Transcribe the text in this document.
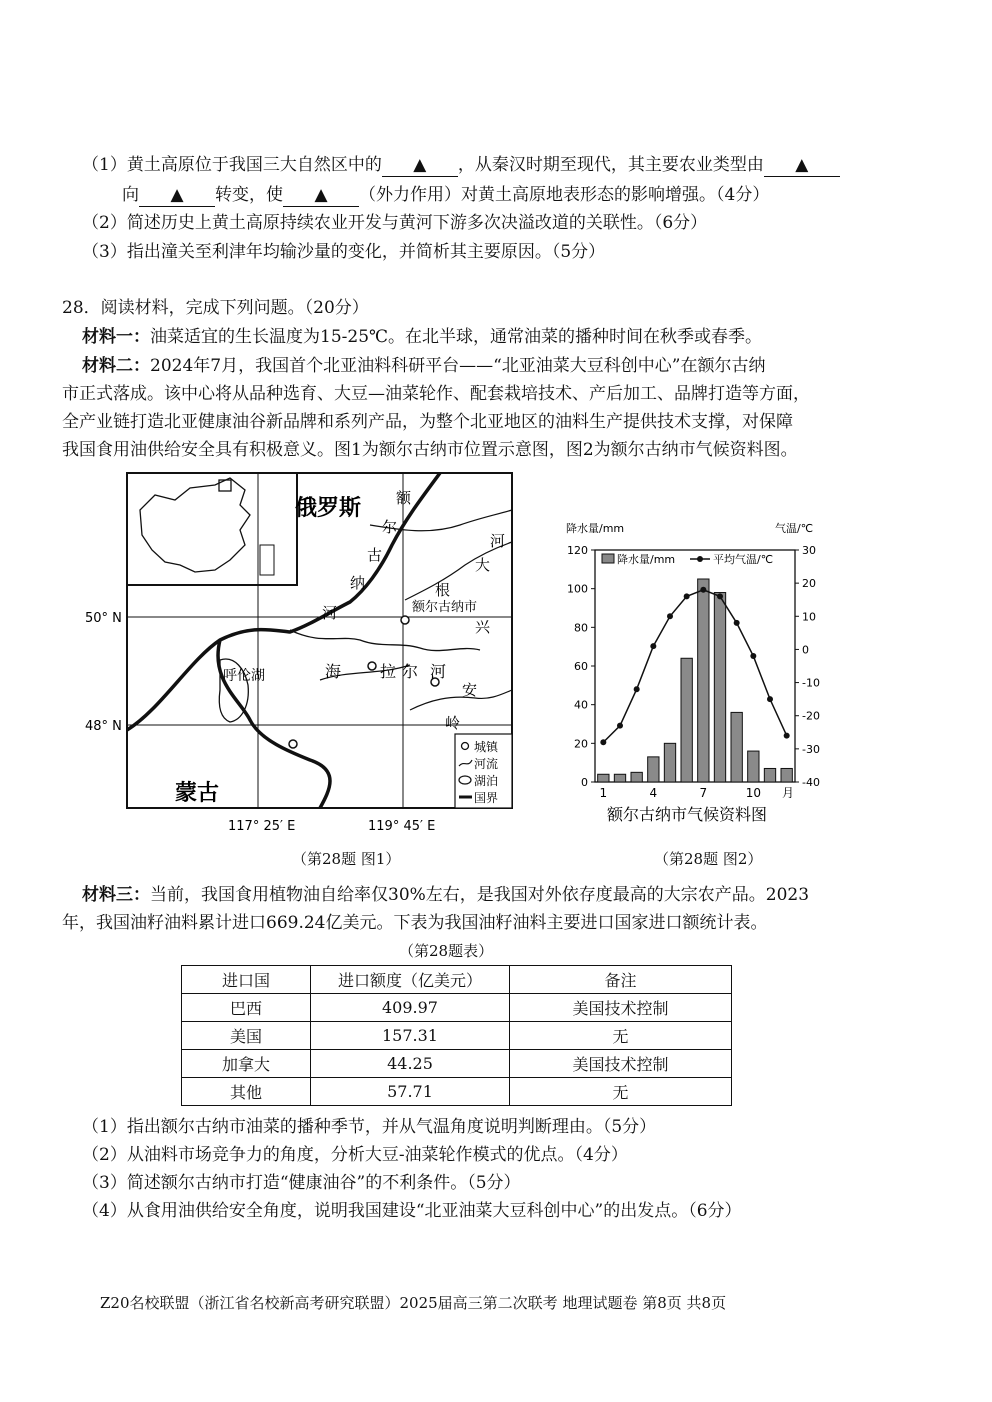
（1）黄土高原位于我国三大自然区中的 ▲ ，从秦汉时期至现代，其主要农业类型由 ▲
向 ▲ 转变，使 ▲ （外力作用）对黄土高原地表形态的影响增强。（4分）
（2）简述历史上黄土高原持续农业开发与黄河下游多次决溢改道的关联性。（6分）
（3）指出潼关至利津年均输沙量的变化，并简析其主要原因。（5分）
28．阅读材料，完成下列问题。（20分）
材料一：油菜适宜的生长温度为15-25℃。在北半球，通常油菜的播种时间在秋季或春季。
材料二：2024年7月，我国首个北亚油料科研平台——“北亚油菜大豆科创中心”在额尔古纳
市正式落成。该中心将从品种选育、大豆—油菜轮作、配套栽培技术、产后加工、品牌打造等方面，
全产业链打造北亚健康油谷新品牌和系列产品，为整个北亚地区的油料生产提供技术支撑，对保障
我国食用油供给安全具有积极意义。图1为额尔古纳市位置示意图，图2为额尔古纳市气候资料图。
俄罗斯
蒙古
额
尔
古
纳
河
根
大
河
额尔古纳市
呼伦湖	海 拉 尔 河
兴
安
岭
城镇
河流
湖泊
国界
50° N
48° N
117° 25′ E	119° 45′ E
（第28题 图1）
降水量/mm	气温/℃
0
20
40
60
80
100
120	30
20
10
0
-10
-20
-30
-40
1	4	7	10
降水量/mm	平均气温/℃
月
额尔古纳市气候资料图
（第28题 图2）
材料三：当前，我国食用植物油自给率仅30%左右，是我国对外依存度最高的大宗农产品。2023
年，我国油籽油料累计进口669.24亿美元。下表为我国油籽油料主要进口国家进口额统计表。
（第28题表）
进口国	进口额度（亿美元）	备注
巴西	409.97	美国技术控制
美国	157.31	无
加拿大	44.25	美国技术控制
其他	57.71	无
（1）指出额尔古纳市油菜的播种季节，并从气温角度说明判断理由。（5分）
（2）从油料市场竞争力的角度，分析大豆-油菜轮作模式的优点。（4分）
（3）简述额尔古纳市打造“健康油谷”的不利条件。（5分）
（4）从食用油供给安全角度，说明我国建设“北亚油菜大豆科创中心”的出发点。（6分）
Z20名校联盟（浙江省名校新高考研究联盟）2025届高三第二次联考 地理试题卷 第8页 共8页
